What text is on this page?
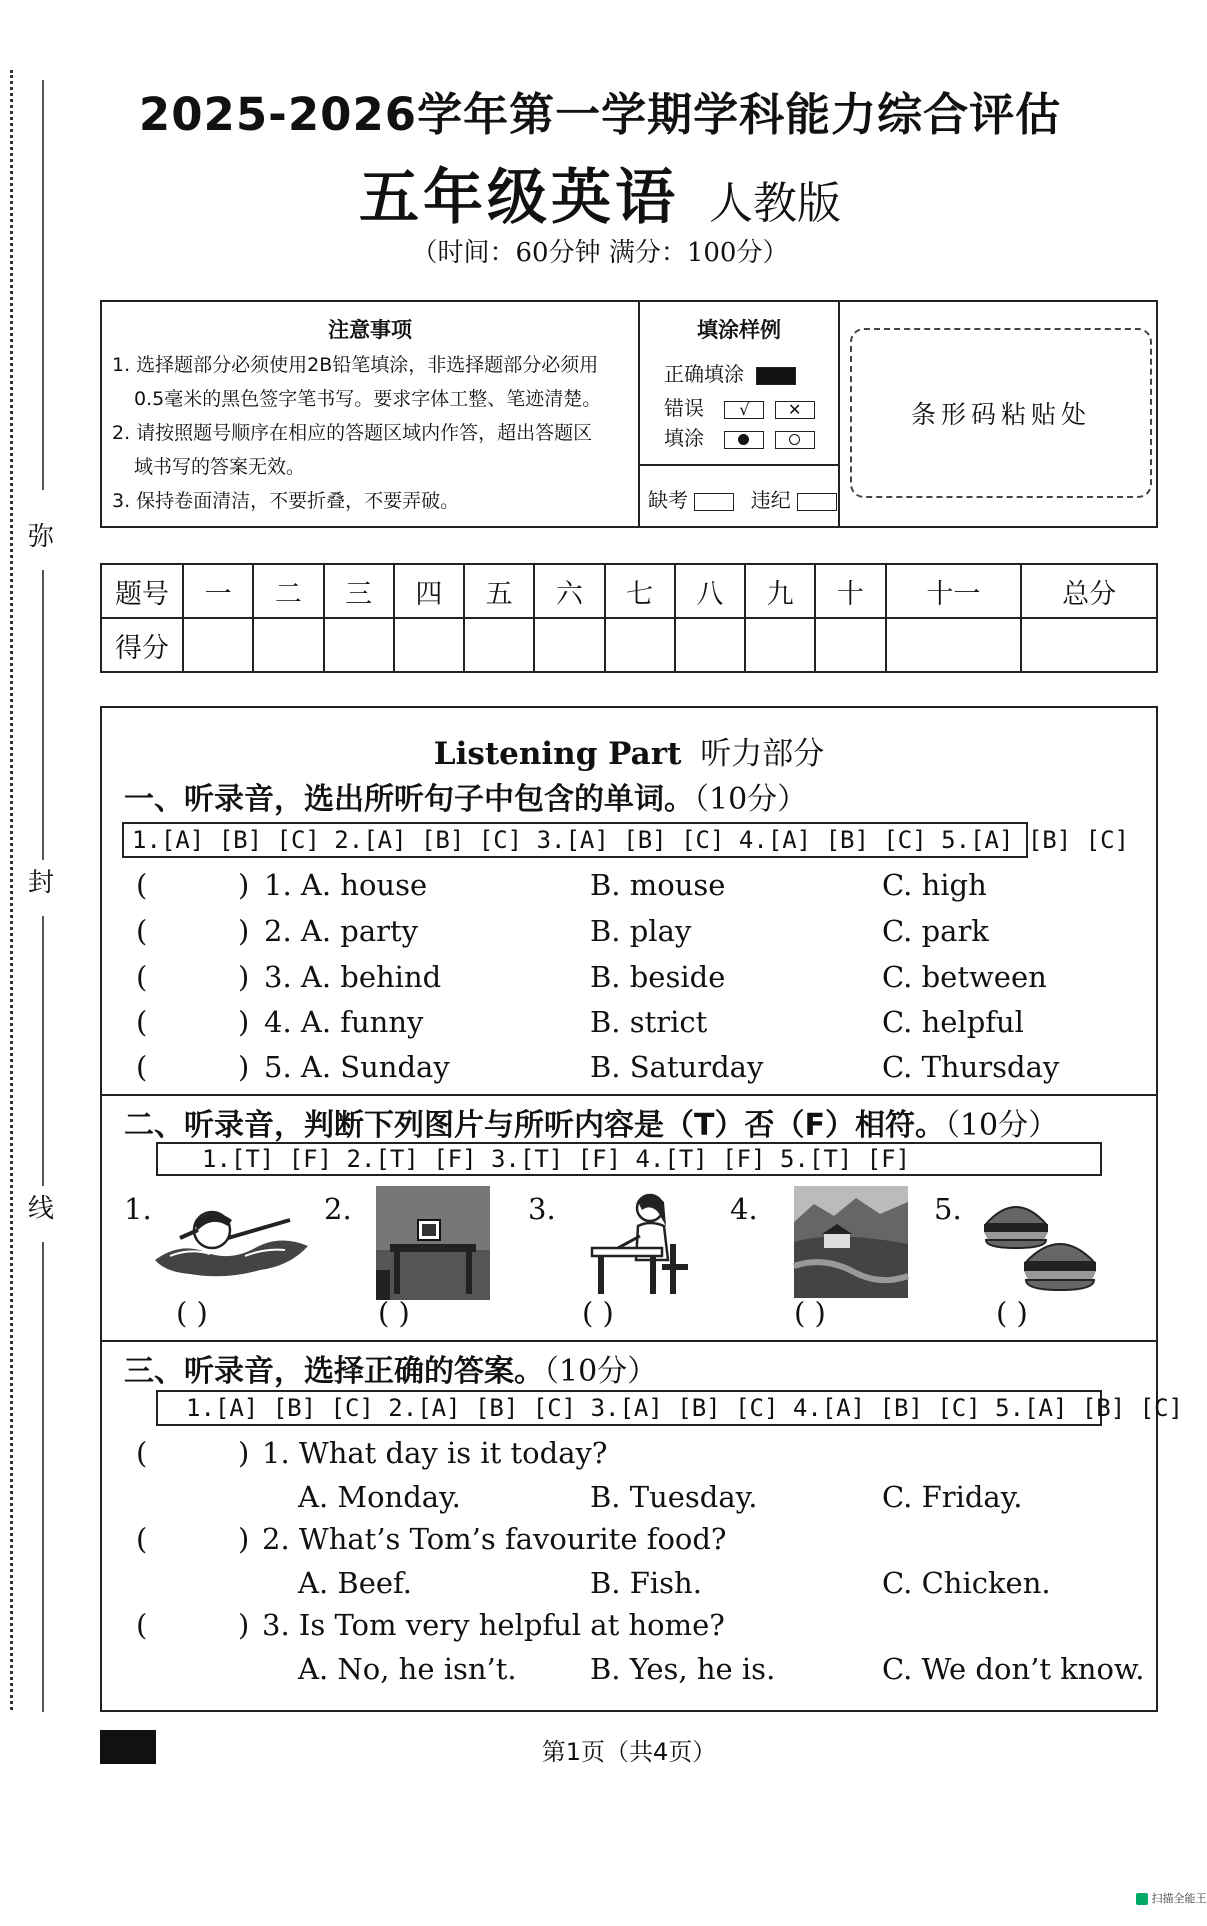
弥
封
线
2025-2026学年第一学期学科能力综合评估
五年级英语 人教版
（时间：60分钟 满分：100分）
注意事项
1. 选择题部分必须使用2B铅笔填涂，非选择题部分必须用
0.5毫米的黑色签字笔书写。要求字体工整、笔迹清楚。
2. 请按照题号顺序在相应的答题区域内作答，超出答题区
域书写的答案无效。
3. 保持卷面清洁，不要折叠，不要弄破。
填涂样例
正确填涂
错误 √ ✕
填涂

缺考	违纪
条形码粘贴处
题号	一	二	三	四	五	六	七	八	九	十	十一	总分
得分												
Listening Part 听力部分
一、听录音，选出所听句子中包含的单词。（10分）
1.[A] [B] [C] 2.[A] [B] [C] 3.[A] [B] [C] 4.[A] [B] [C] 5.[A] [B] [C]
(	) 1. A. house	B. mouse	C. high
(	) 2. A. party	B. play	C. park
(	) 3. A. behind	B. beside	C. between
(	) 4. A. funny	B. strict	C. helpful
(	) 5. A. Sunday	B. Saturday	C. Thursday
二、听录音，判断下列图片与所听内容是（T）否（F）相符。（10分）
1.[T] [F] 2.[T] [F] 3.[T] [F] 4.[T] [F] 5.[T] [F]
1.	2.	3.	4.	5.
( )	( )	( )	( )	( )
三、听录音，选择正确的答案。（10分）
1.[A] [B] [C] 2.[A] [B] [C] 3.[A] [B] [C] 4.[A] [B] [C] 5.[A] [B] [C]
(	) 1. What day is it today?
A. Monday.	B. Tuesday.	C. Friday.
(	) 2. What’s Tom’s favourite food?
A. Beef.	B. Fish.	C. Chicken.
(	) 3. Is Tom very helpful at home?
A. No, he isn’t.	B. Yes, he is.	C. We don’t know.
第1页（共4页）
扫描全能王
